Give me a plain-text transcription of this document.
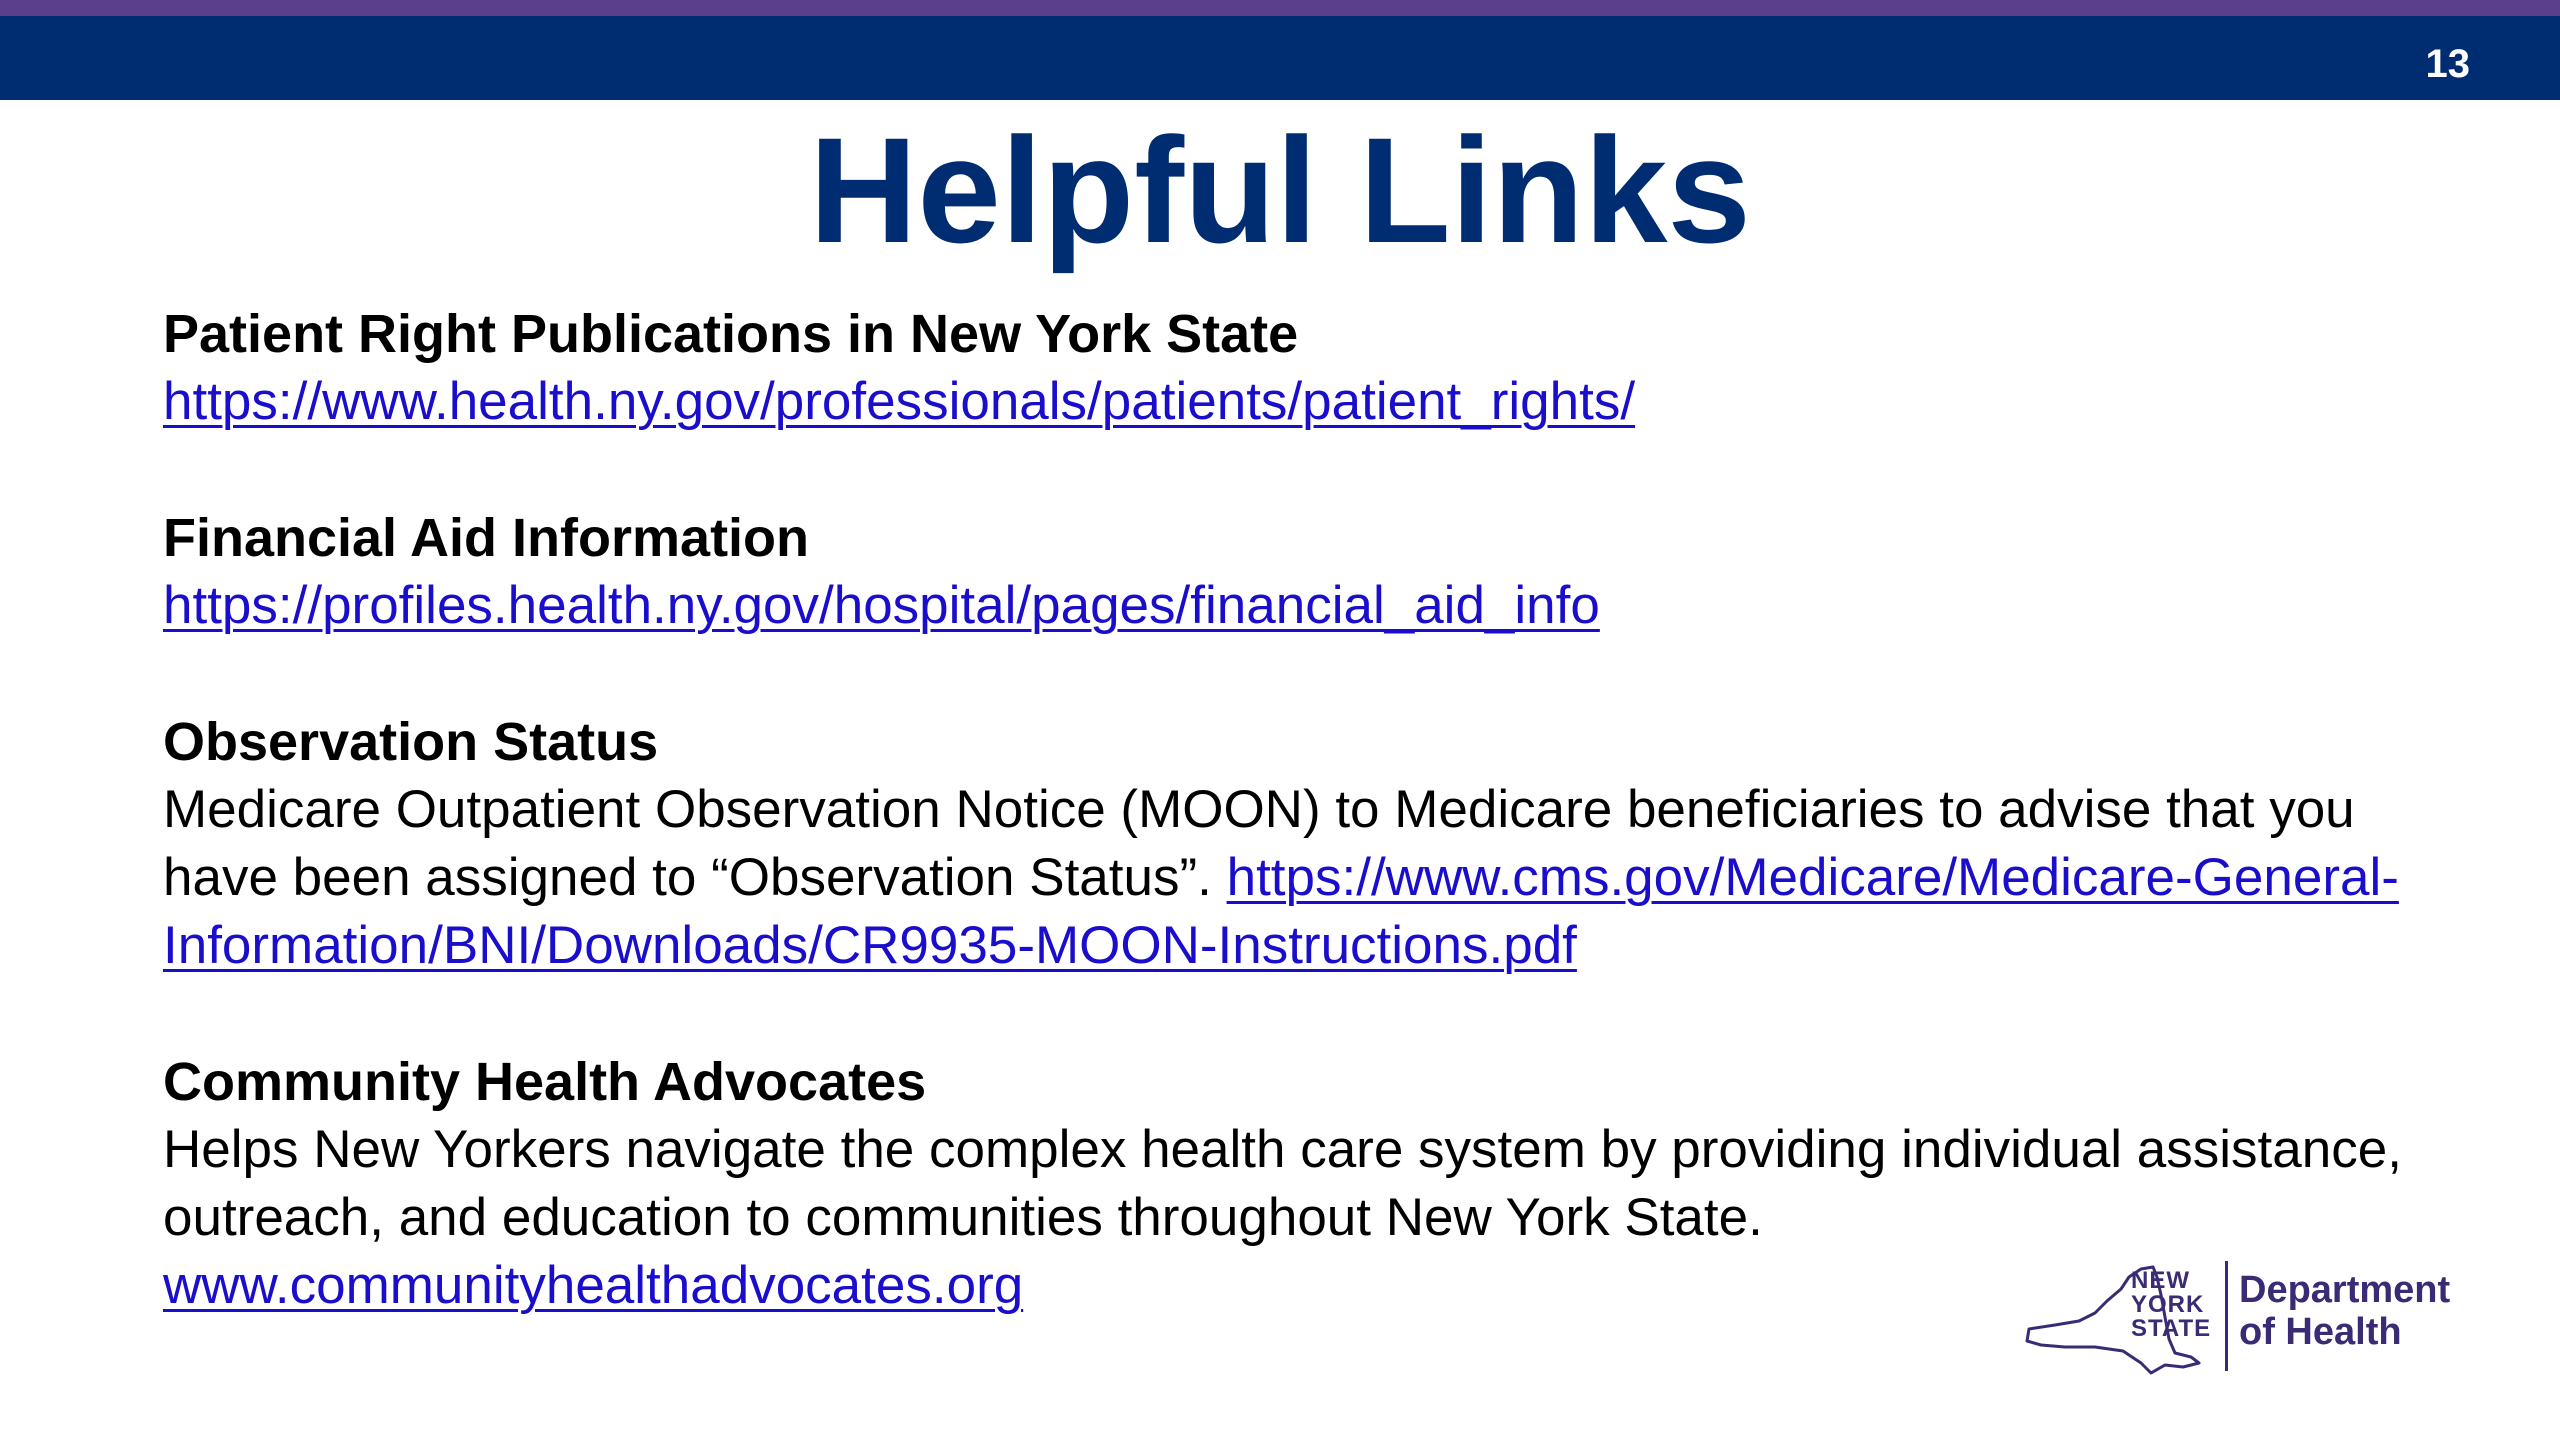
13
Helpful Links

Patient Right Publications in New York State

https://www.health.ny.gov/professionals/patients/patient_rights/

Financial Aid Information

https://profiles.health.ny.gov/hospital/pages/financial_aid_info

Observation Status

Medicare Outpatient Observation Notice (MOON) to Medicare beneficiaries to advise that you have been assigned to “Observation Status”. https://www.cms.gov/Medicare/Medicare-General-Information/BNI/Downloads/CR9935-MOON-Instructions.pdf

Community Health Advocates

Helps New Yorkers navigate the complex health care system by providing individual assistance, outreach, and education to communities throughout New York State.

www.communityhealthadvocates.org	NEW
YORK
STATE
Department
of Health
